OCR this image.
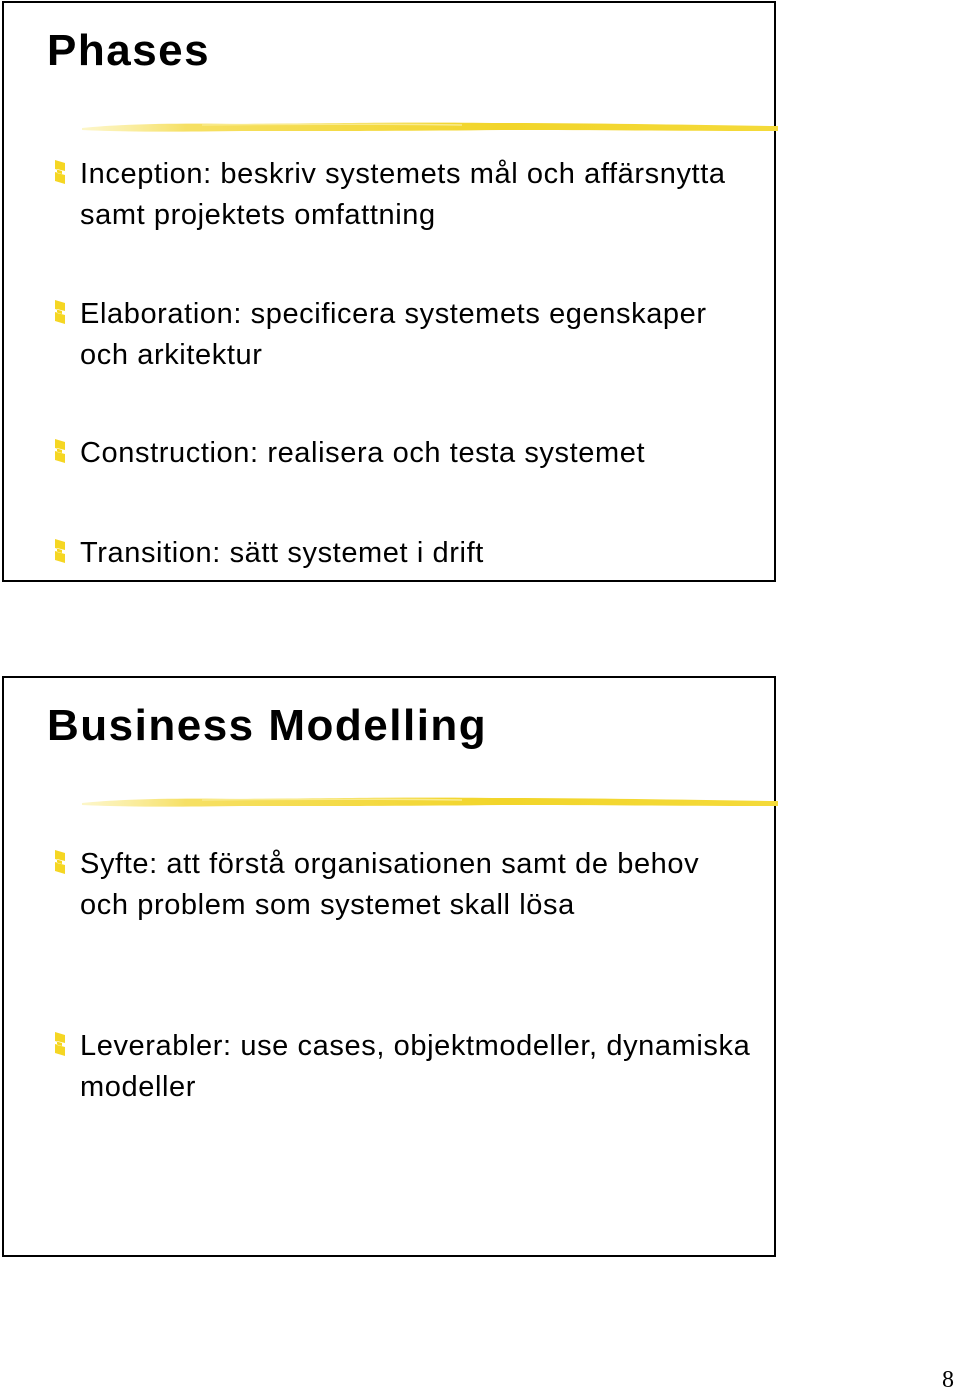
Phases

Inception: beskriv systemets mål och affärsnytta samt projektets omfattning

Elaboration: specificera systemets egenskaper och arkitektur

Construction: realisera och testa systemet

Transition: sätt systemet i drift

Business Modelling

Syfte: att förstå organisationen samt de behov och problem som systemet skall lösa

Leverabler: use cases, objektmodeller, dynamiska modeller

8
